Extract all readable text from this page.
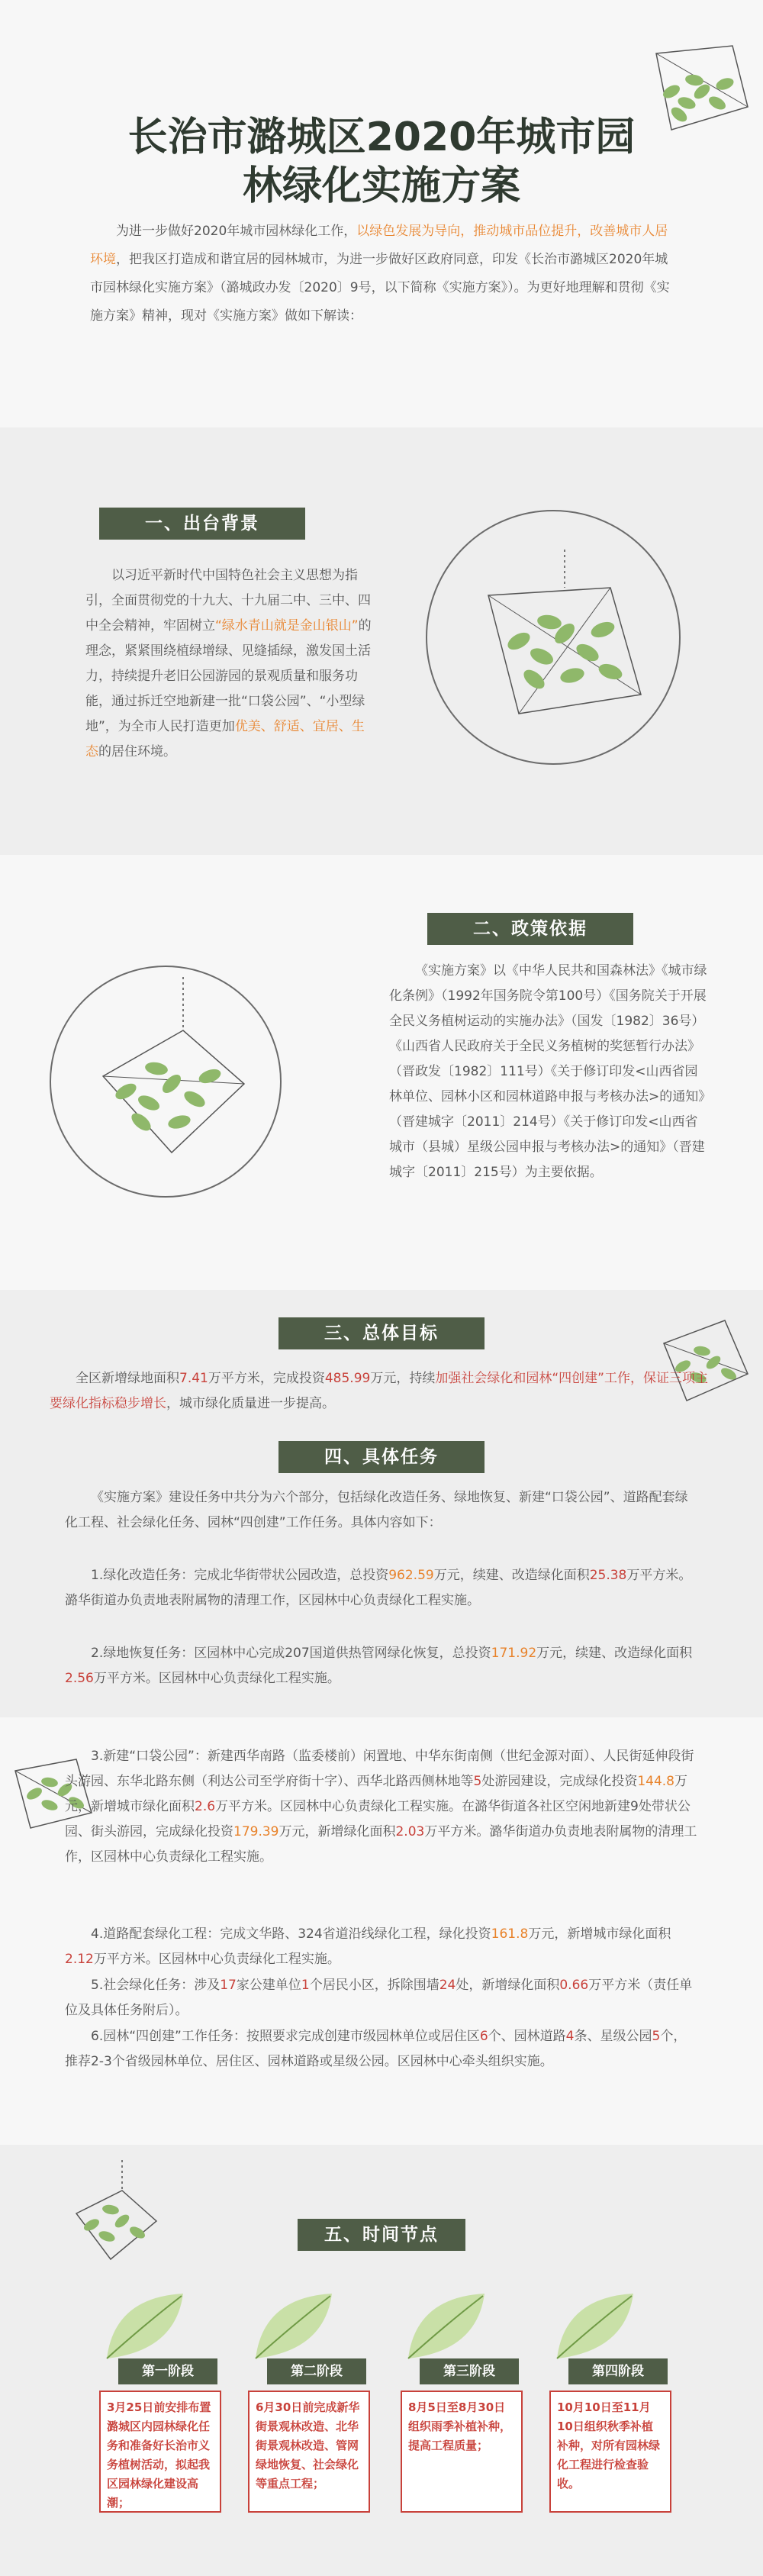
长治市潞城区2020年城市园
林绿化实施方案
为进一步做好2020年城市园林绿化工作，以绿色发展为导向，推动城市品位提升，改善城市人居环境，把我区打造成和谐宜居的园林城市，为进一步做好区政府同意，印发《长治市潞城区2020年城市园林绿化实施方案》（潞城政办发〔2020〕9号，以下简称《实施方案》）。为更好地理解和贯彻《实施方案》精神，现对《实施方案》做如下解读：
一、出台背景
以习近平新时代中国特色社会主义思想为指引，全面贯彻党的十九大、十九届二中、三中、四中全会精神，牢固树立“绿水青山就是金山银山”的理念，紧紧围绕植绿增绿、见缝插绿，激发国土活力，持续提升老旧公园游园的景观质量和服务功能，通过拆迁空地新建一批“口袋公园”、“小型绿地”，为全市人民打造更加优美、舒适、宜居、生态的居住环境。
二、政策依据
《实施方案》以《中华人民共和国森林法》《城市绿化条例》（1992年国务院令第100号）《国务院关于开展全民义务植树运动的实施办法》（国发〔1982〕36号）《山西省人民政府关于全民义务植树的奖惩暂行办法》（晋政发〔1982〕111号）《关于修订印发<山西省园林单位、园林小区和园林道路申报与考核办法>的通知》（晋建城字〔2011〕214号）《关于修订印发<山西省城市（县城）星级公园申报与考核办法>的通知》（晋建城字〔2011〕215号）为主要依据。
三、总体目标
全区新增绿地面积7.41万平方米，完成投资485.99万元，持续加强社会绿化和园林“四创建”工作，保证三项主要绿化指标稳步增长，城市绿化质量进一步提高。
四、具体任务
《实施方案》建设任务中共分为六个部分，包括绿化改造任务、绿地恢复、新建“口袋公园”、道路配套绿化工程、社会绿化任务、园林“四创建”工作任务。具体内容如下：
1.绿化改造任务：完成北华街带状公园改造，总投资962.59万元，续建、改造绿化面积25.38万平方米。潞华街道办负责地表附属物的清理工作，区园林中心负责绿化工程实施。
2.绿地恢复任务：区园林中心完成207国道供热管网绿化恢复，总投资171.92万元，续建、改造绿化面积2.56万平方米。区园林中心负责绿化工程实施。
3.新建“口袋公园”：新建西华南路（监委楼前）闲置地、中华东街南侧（世纪金源对面）、人民街延伸段街头游园、东华北路东侧（利达公司至学府街十字）、西华北路西侧林地等5处游园建设，完成绿化投资144.8万元，新增城市绿化面积2.6万平方米。区园林中心负责绿化工程实施。在潞华街道各社区空闲地新建9处带状公园、街头游园，完成绿化投资179.39万元，新增绿化面积2.03万平方米。潞华街道办负责地表附属物的清理工作，区园林中心负责绿化工程实施。
4.道路配套绿化工程：完成文华路、324省道沿线绿化工程，绿化投资161.8万元，新增城市绿化面积2.12万平方米。区园林中心负责绿化工程实施。
5.社会绿化任务：涉及17家公建单位1个居民小区，拆除围墙24处，新增绿化面积0.66万平方米（责任单位及具体任务附后）。
6.园林“四创建”工作任务：按照要求完成创建市级园林单位或居住区6个、园林道路4条、星级公园5个，推荐2-3个省级园林单位、居住区、园林道路或星级公园。区园林中心牵头组织实施。
五、时间节点
第一阶段	第二阶段	第三阶段	第四阶段
3月25日前安排布置潞城区内园林绿化任务和准备好长治市义务植树活动，拟起我区园林绿化建设高潮；
6月30日前完成新华街景观林改造、北华街景观林改造、管网绿地恢复、社会绿化等重点工程；
8月5日至8月30日组织雨季补植补种，提高工程质量；
10月10日至11月10日组织秋季补植补种，对所有园林绿化工程进行检查验收。
